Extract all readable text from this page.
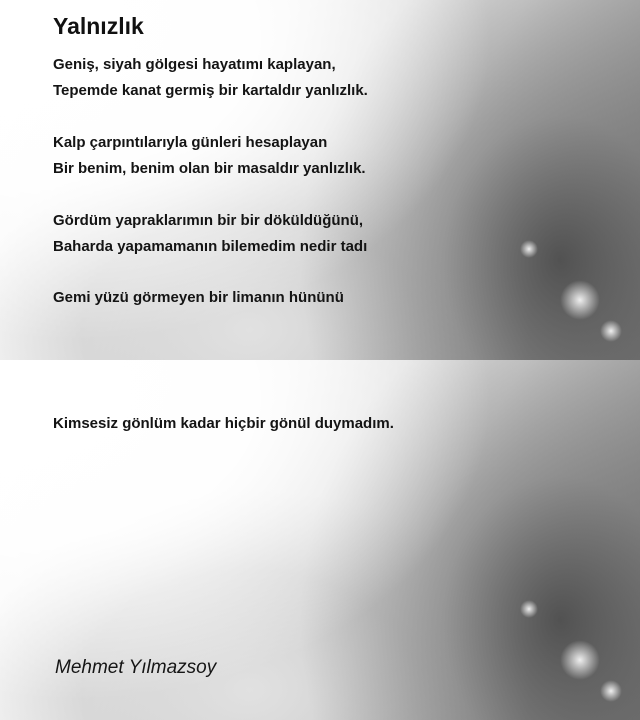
Yalnızlık

Geniş, siyah gölgesi hayatımı kaplayan,
Tepemde kanat germiş bir kartaldır yanlızlık.

Kalp çarpıntılarıyla günleri hesaplayan
Bir benim, benim olan bir masaldır yanlızlık.

Gördüm yapraklarımın bir bir döküldüğünü,
Baharda yapamamanın bilemedim nedir tadı

Gemi yüzü görmeyen bir limanın hününü

Kimsesiz gönlüm kadar hiçbir gönül duymadım.

Mehmet Yılmazsoy
